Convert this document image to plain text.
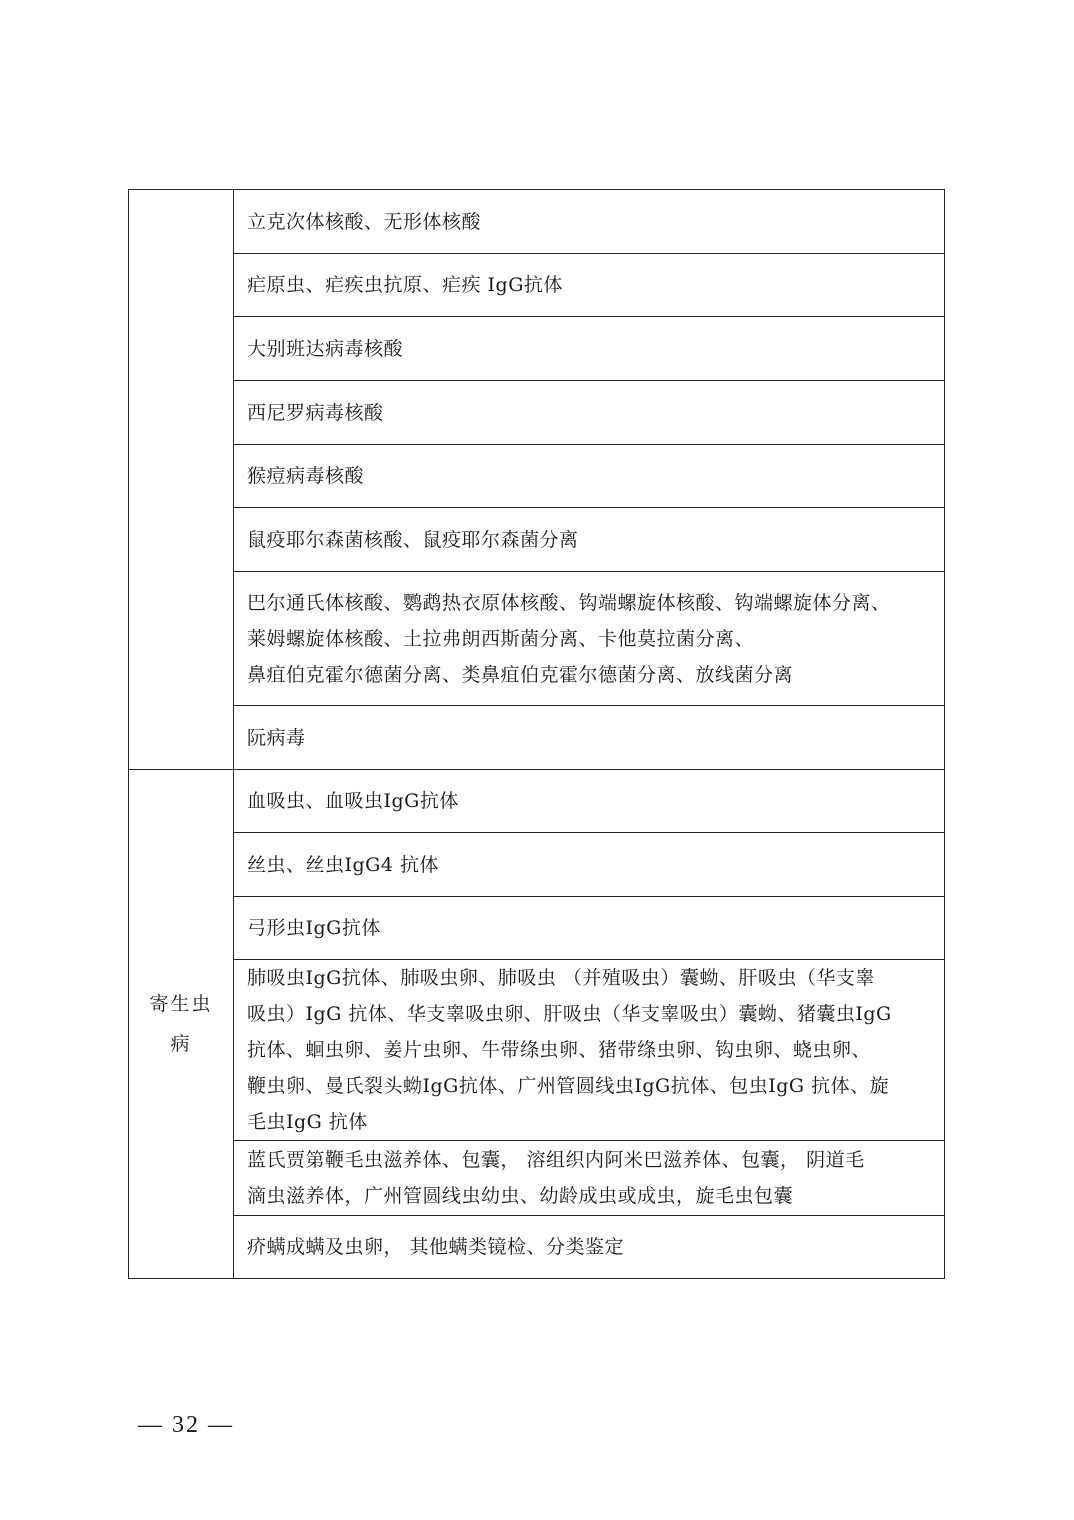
	立克次体核酸、无形体核酸

	疟原虫、疟疾虫抗原、疟疾 IgG抗体

	大别班达病毒核酸

	西尼罗病毒核酸

	猴痘病毒核酸

	鼠疫耶尔森菌核酸、鼠疫耶尔森菌分离

	巴尔通氏体核酸、鹦鹉热衣原体核酸、钩端螺旋体核酸、钩端螺旋体分离、
莱姆螺旋体核酸、土拉弗朗西斯菌分离、卡他莫拉菌分离、
鼻疽伯克霍尔德菌分离、类鼻疽伯克霍尔德菌分离、放线菌分离

	阮病毒

寄生虫
病	血吸虫、血吸虫IgG抗体

	丝虫、丝虫IgG4 抗体

	弓形虫IgG抗体

	肺吸虫IgG抗体、肺吸虫卵、肺吸虫 （并殖吸虫）囊蚴、肝吸虫（华支睾
吸虫）IgG 抗体、华支睾吸虫卵、肝吸虫（华支睾吸虫）囊蚴、猪囊虫IgG
抗体、蛔虫卵、姜片虫卵、牛带绦虫卵、猪带绦虫卵、钩虫卵、蛲虫卵、
鞭虫卵、曼氏裂头蚴IgG抗体、广州管圆线虫IgG抗体、包虫IgG 抗体、旋
毛虫IgG 抗体

	蓝氏贾第鞭毛虫滋养体、包囊， 溶组织内阿米巴滋养体、包囊， 阴道毛
滴虫滋养体，广州管圆线虫幼虫、幼龄成虫或成虫，旋毛虫包囊

	疥螨成螨及虫卵， 其他螨类镜检、分类鉴定
— 32 —
